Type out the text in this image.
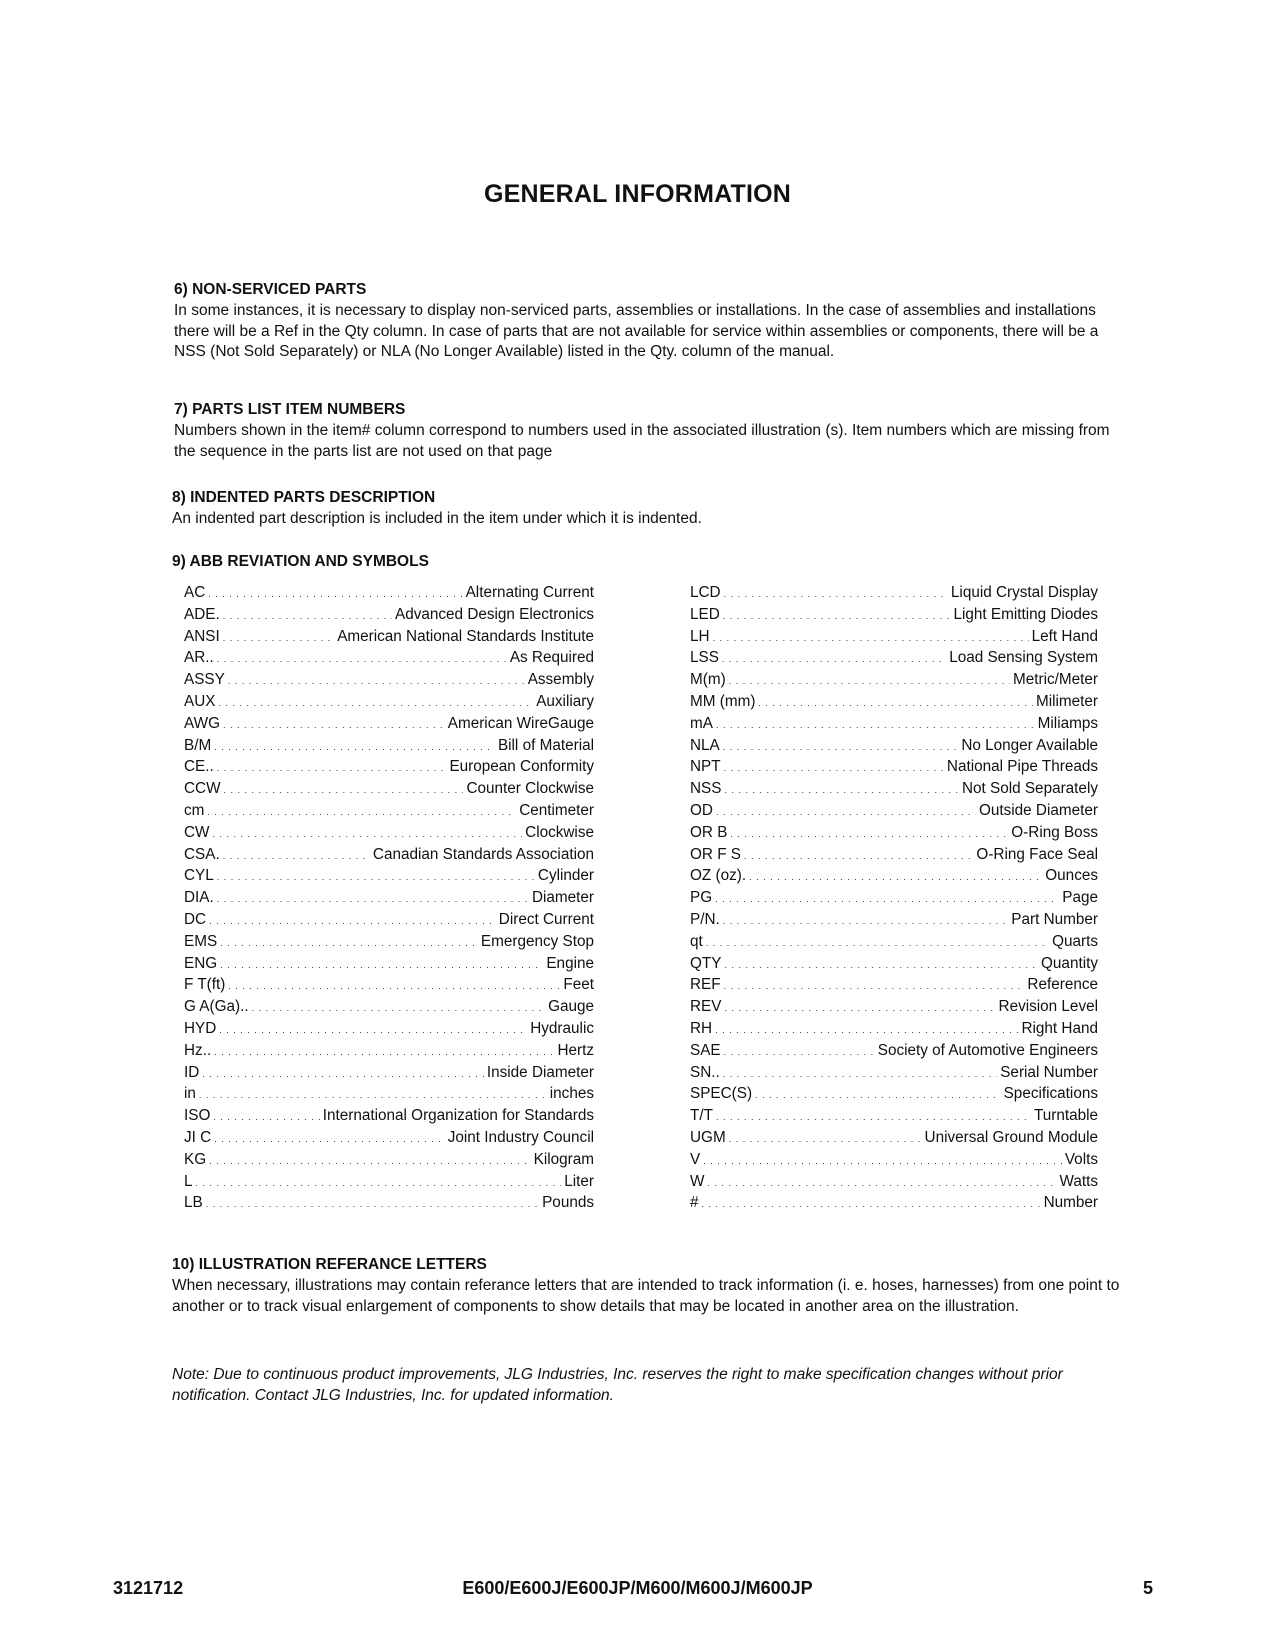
GENERAL INFORMATION
6) NON-SERVICED PARTS

In some instances, it is necessary to display non-serviced parts, assemblies or installations. In the case of assemblies and installations there will be a Ref in the Qty column. In case of parts that are not available for service within assemblies or components, there will be a NSS (Not Sold Separately) or NLA (No Longer Available) listed in the Qty. column of the manual.

7) PARTS LIST ITEM NUMBERS

Numbers shown in the item# column correspond to numbers used in the associated illustration (s). Item numbers which are missing from the sequence in the parts list are not used on that page

8) INDENTED PARTS DESCRIPTION

An indented part description is included in the item under which it is indented.

9) ABB REVIATION AND SYMBOLS
AC . . .	Alternating Current
ADE. . . .	Advanced Design Electronics
ANSI . . .	American National Standards Institute
AR.. . . .	As Required
ASSY . . .	Assembly
AUX . . .	Auxiliary
AWG . . .	American WireGauge
B/M . . .	Bill of Material
CE.. . . .	European Conformity
CCW . . .	Counter Clockwise
cm . . .	Centimeter
CW . . .	Clockwise
CSA. . . .	Canadian Standards Association
CYL . . .	Cylinder
DIA. . . .	Diameter
DC . . .	Direct Current
EMS . . .	Emergency Stop
ENG . . .	Engine
F T(ft) . . .	Feet
G A(Ga).. . . .	Gauge
HYD . . .	Hydraulic
Hz.. . . .	Hertz
ID . . .	Inside Diameter
in . . .	inches
ISO . . .	International Organization for Standards
JI C . . .	Joint Industry Council
KG . . .	Kilogram
L . . .	Liter
LB . . .	Pounds
LCD . . .	Liquid Crystal Display
LED . . .	Light Emitting Diodes
LH . . .	Left Hand
LSS . . .	Load Sensing System
M(m) . . .	Metric/Meter
MM (mm) . . .	Milimeter
mA . . .	Miliamps
NLA . . .	No Longer Available
NPT . . .	National Pipe Threads
NSS . . .	Not Sold Separately
OD . . .	Outside Diameter
OR B . . .	O-Ring Boss
OR F S . . .	O-Ring Face Seal
OZ (oz). . . .	Ounces
PG . . .	Page
P/N. . . .	Part Number
qt . . .	Quarts
QTY . . .	Quantity
REF . . .	Reference
REV . . .	Revision Level
RH . . .	Right Hand
SAE . . .	Society of Automotive Engineers
SN.. . . .	Serial Number
SPEC(S) . . .	Specifications
T/T . . .	Turntable
UGM . . .	Universal Ground Module
V . . .	Volts
W . . .	Watts
# . . .	Number
10) ILLUSTRATION REFERANCE LETTERS

When necessary, illustrations may contain referance letters that are intended to track information (i. e. hoses, harnesses) from one point to another or to track visual enlargement of components to show details that may be located in another area on the illustration.

Note: Due to continuous product improvements, JLG Industries, Inc. reserves the right to make specification changes without prior notification. Contact JLG Industries, Inc. for updated information.

3121712	E600/E600J/E600JP/M600/M600J/M600JP	5
